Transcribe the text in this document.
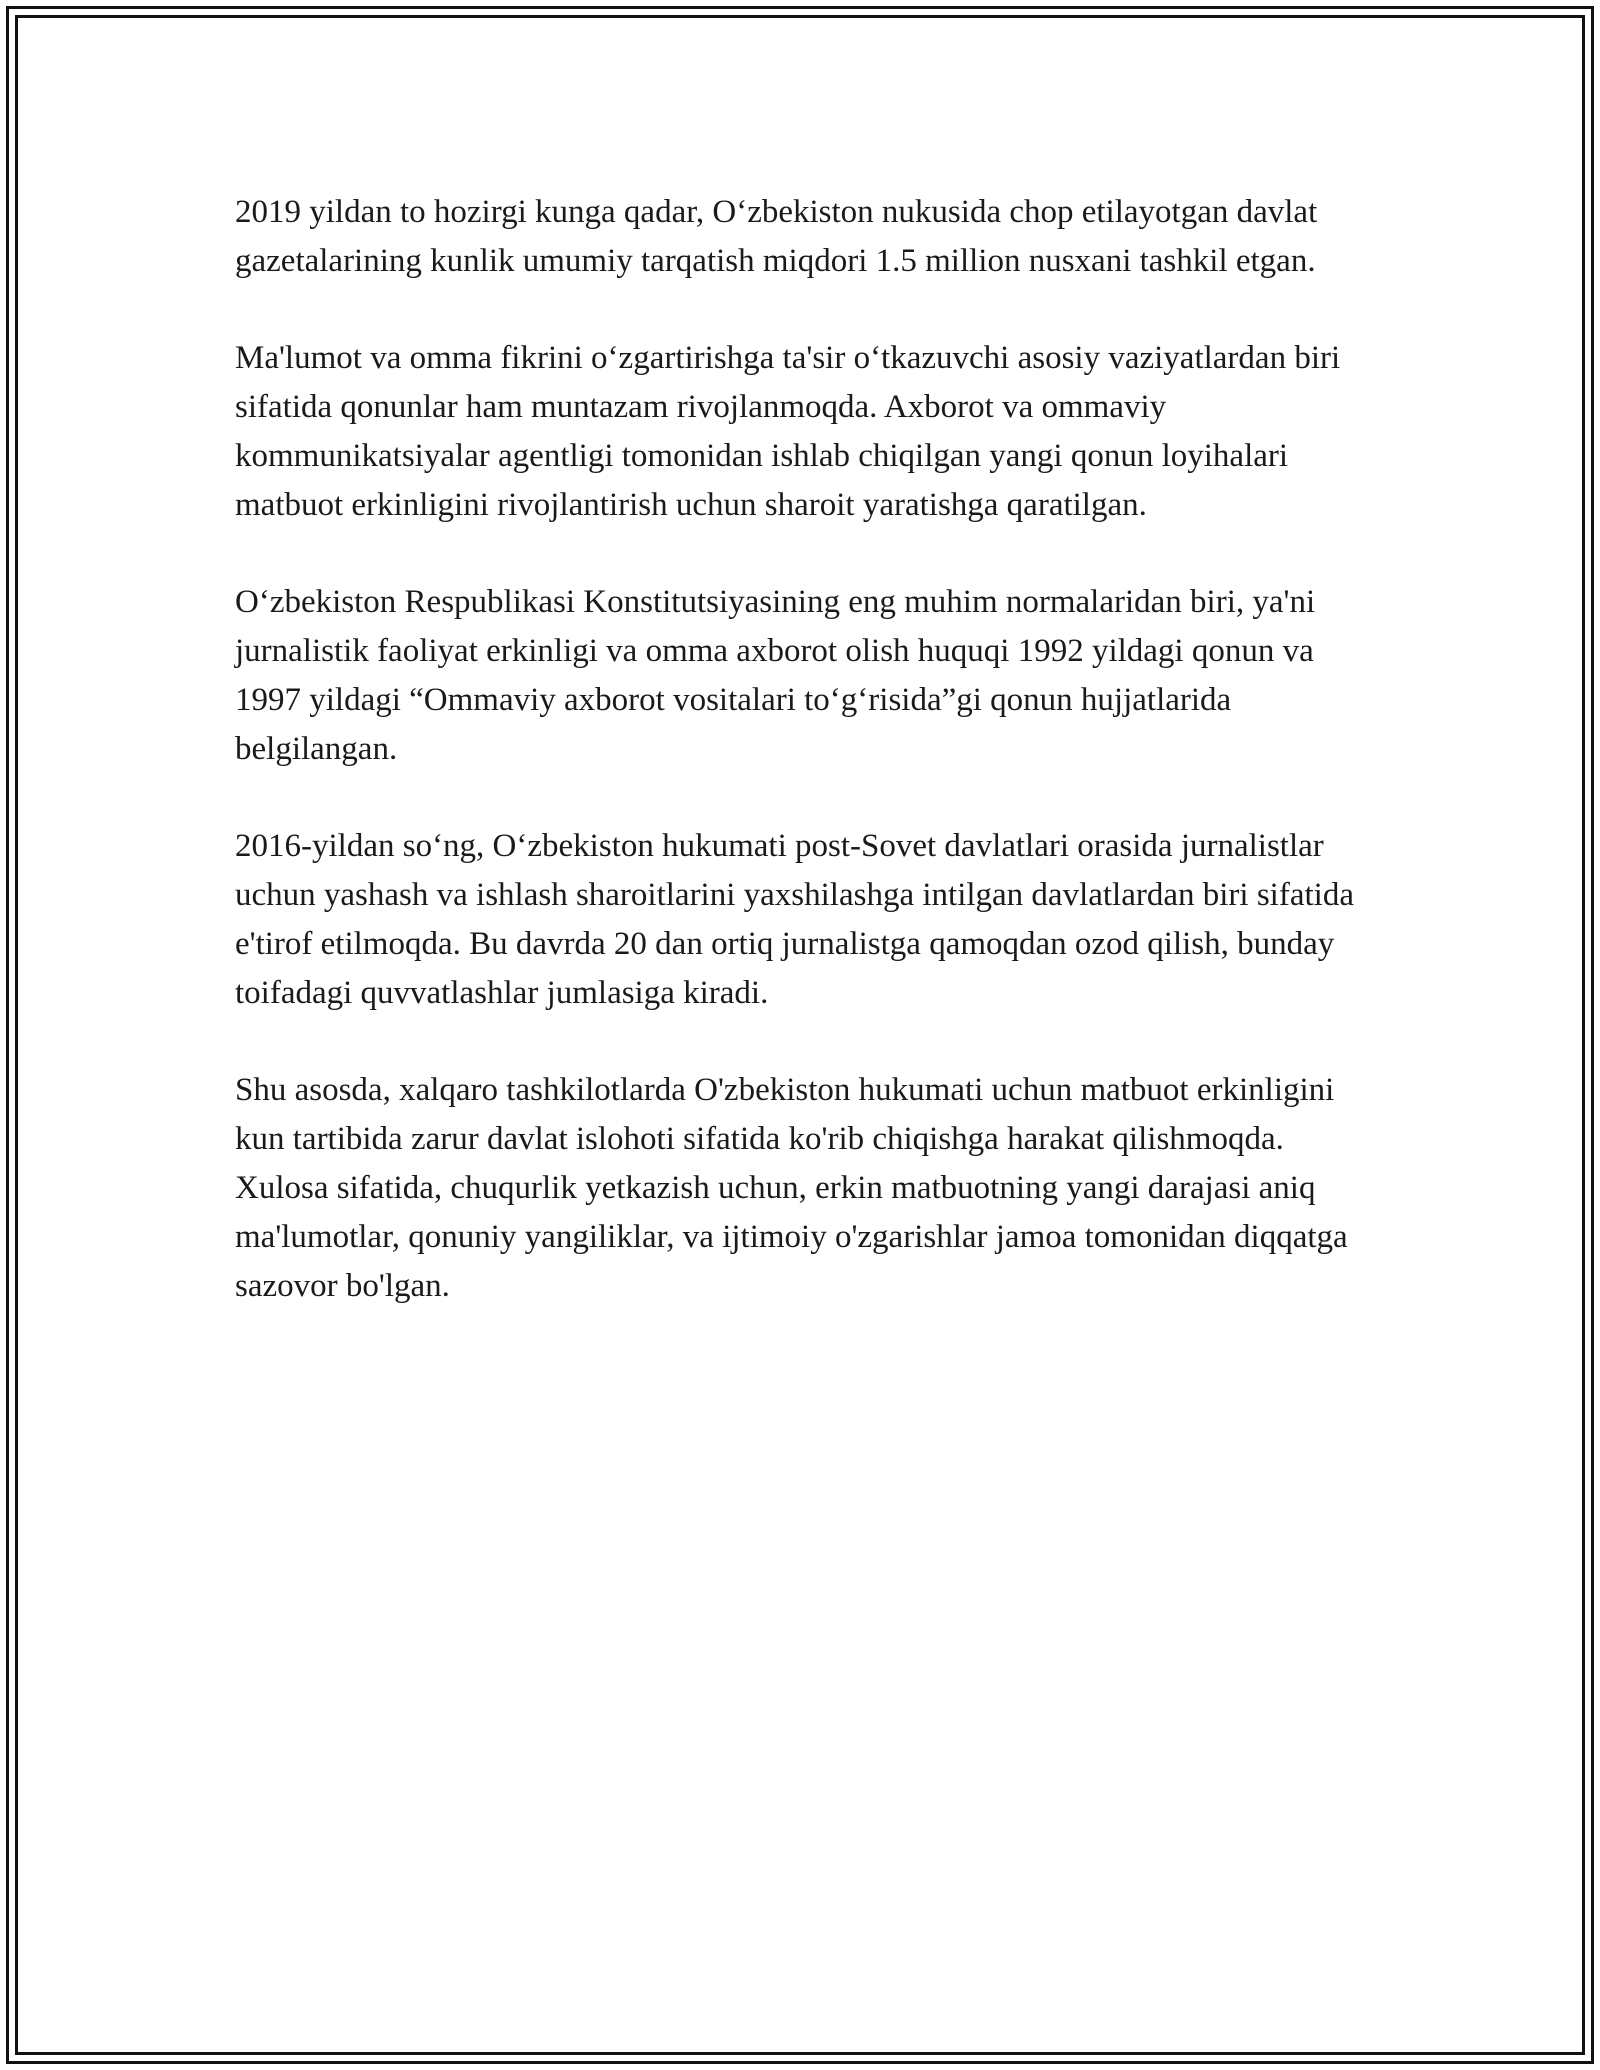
2019 yildan to hozirgi kunga qadar, O‘zbekiston nukusida chop etilayotgan davlat gazetalarining kunlik umumiy tarqatish miqdori 1.5 million nusxani tashkil etgan.

Ma'lumot va omma fikrini o‘zgartirishga ta'sir o‘tkazuvchi asosiy vaziyatlardan biri sifatida qonunlar ham muntazam rivojlanmoqda. Axborot va ommaviy kommunikatsiyalar agentligi tomonidan ishlab chiqilgan yangi qonun loyihalari matbuot erkinligini rivojlantirish uchun sharoit yaratishga qaratilgan.

O‘zbekiston Respublikasi Konstitutsiyasining eng muhim normalaridan biri, ya'ni jurnalistik faoliyat erkinligi va omma axborot olish huquqi 1992 yildagi qonun va 1997 yildagi “Ommaviy axborot vositalari to‘g‘risida”gi qonun hujjatlarida belgilangan.

2016-yildan so‘ng, O‘zbekiston hukumati post-Sovet davlatlari orasida jurnalistlar uchun yashash va ishlash sharoitlarini yaxshilashga intilgan davlatlardan biri sifatida e'tirof etilmoqda. Bu davrda 20 dan ortiq jurnalistga qamoqdan ozod qilish, bunday toifadagi quvvatlashlar jumlasiga kiradi.

Shu asosda, xalqaro tashkilotlarda O'zbekiston hukumati uchun matbuot erkinligini kun tartibida zarur davlat islohoti sifatida ko'rib chiqishga harakat qilishmoqda. Xulosa sifatida, chuqurlik yetkazish uchun, erkin matbuotning yangi darajasi aniq ma'lumotlar, qonuniy yangiliklar, va ijtimoiy o'zgarishlar jamoa tomonidan diqqatga sazovor bo'lgan.
